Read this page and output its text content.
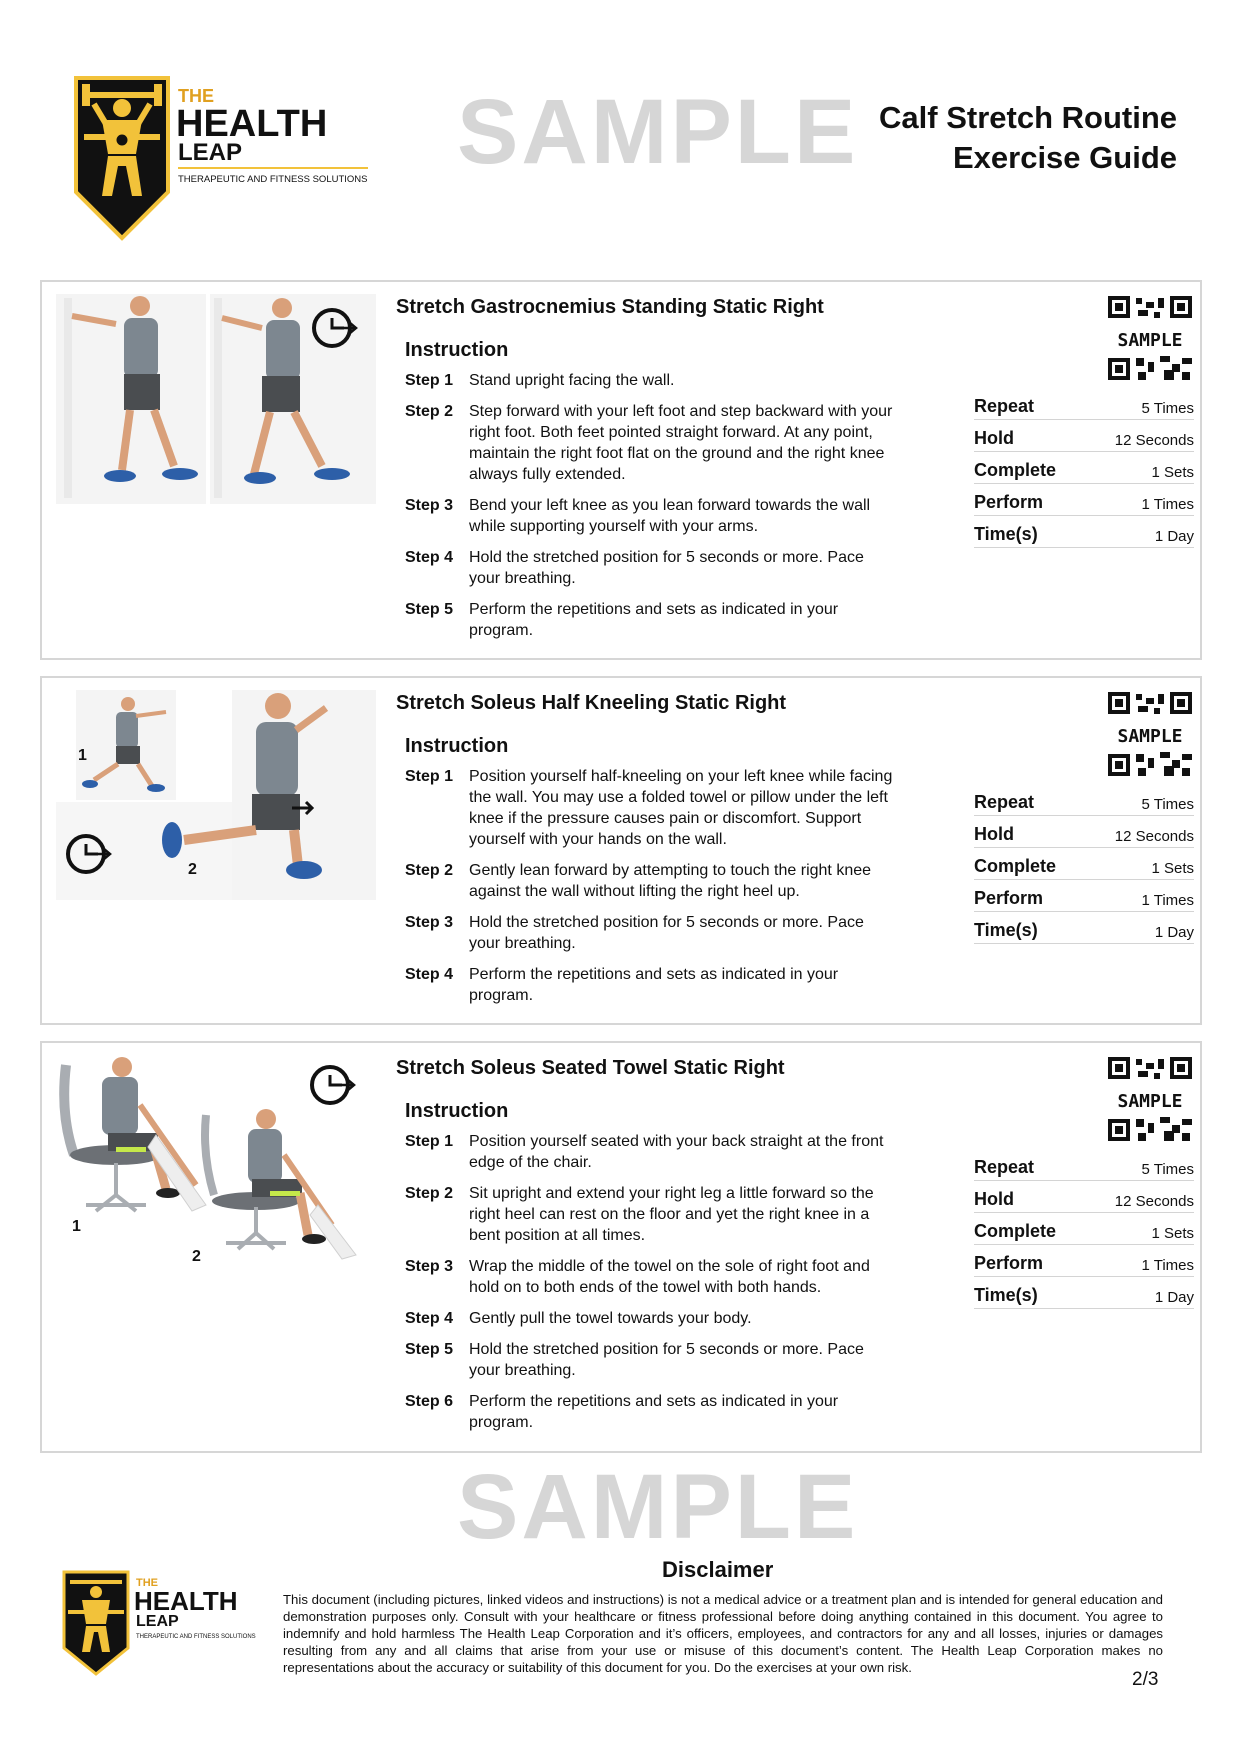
THE
HEALTH
LEAP
THERAPEUTIC AND FITNESS SOLUTIONS SAMPLE Calf Stretch Routine
Exercise Guide
Stretch Gastrocnemius Standing Static Right
Instruction
Step 1 Stand upright facing the wall.
Step 2 Step forward with your left foot and step backward with your right foot. Both feet pointed straight forward. At any point, maintain the right foot flat on the ground and the right knee always fully extended.
Step 3 Bend your left knee as you lean forward towards the wall while supporting yourself with your arms.
Step 4 Hold the stretched position for 5 seconds or more. Pace your breathing.
Step 5 Perform the repetitions and sets as indicated in your program.
SAMPLE
Repeat	5 Times
Hold	12 Seconds
Complete	1 Sets
Perform	1 Times
Time(s)	1 Day
1
2
Stretch Soleus Half Kneeling Static Right
Instruction
Step 1 Position yourself half-kneeling on your left knee while facing the wall. You may use a folded towel or pillow under the left knee if the pressure causes pain or discomfort. Support yourself with your hands on the wall.
Step 2 Gently lean forward by attempting to touch the right knee against the wall without lifting the right heel up.
Step 3 Hold the stretched position for 5 seconds or more. Pace your breathing.
Step 4 Perform the repetitions and sets as indicated in your program.
SAMPLE
Repeat	5 Times
Hold	12 Seconds
Complete	1 Sets
Perform	1 Times
Time(s)	1 Day
1
2
Stretch Soleus Seated Towel Static Right
Instruction
Step 1 Position yourself seated with your back straight at the front edge of the chair.
Step 2 Sit upright and extend your right leg a little forward so the right heel can rest on the floor and yet the right knee in a bent position at all times.
Step 3 Wrap the middle of the towel on the sole of right foot and hold on to both ends of the towel with both hands.
Step 4 Gently pull the towel towards your body.
Step 5 Hold the stretched position for 5 seconds or more. Pace your breathing.
Step 6 Perform the repetitions and sets as indicated in your program.
SAMPLE
Repeat	5 Times
Hold	12 Seconds
Complete	1 Sets
Perform	1 Times
Time(s)	1 Day
SAMPLE
THE
HEALTH
LEAP
THERAPEUTIC AND FITNESS SOLUTIONS
Disclaimer
This document (including pictures, linked videos and instructions) is not a medical advice or a treatment plan and is intended for general education and demonstration purposes only. Consult with your healthcare or fitness professional before doing anything contained in this document. You agree to indemnify and hold harmless The Health Leap Corporation and it’s officers, employees, and contractors for any and all losses, injuries or damages resulting from any and all claims that arise from your use or misuse of this document’s content. The Health Leap Corporation makes no representations about the accuracy or suitability of this document for you. Do the exercises at your own risk.
2/3
